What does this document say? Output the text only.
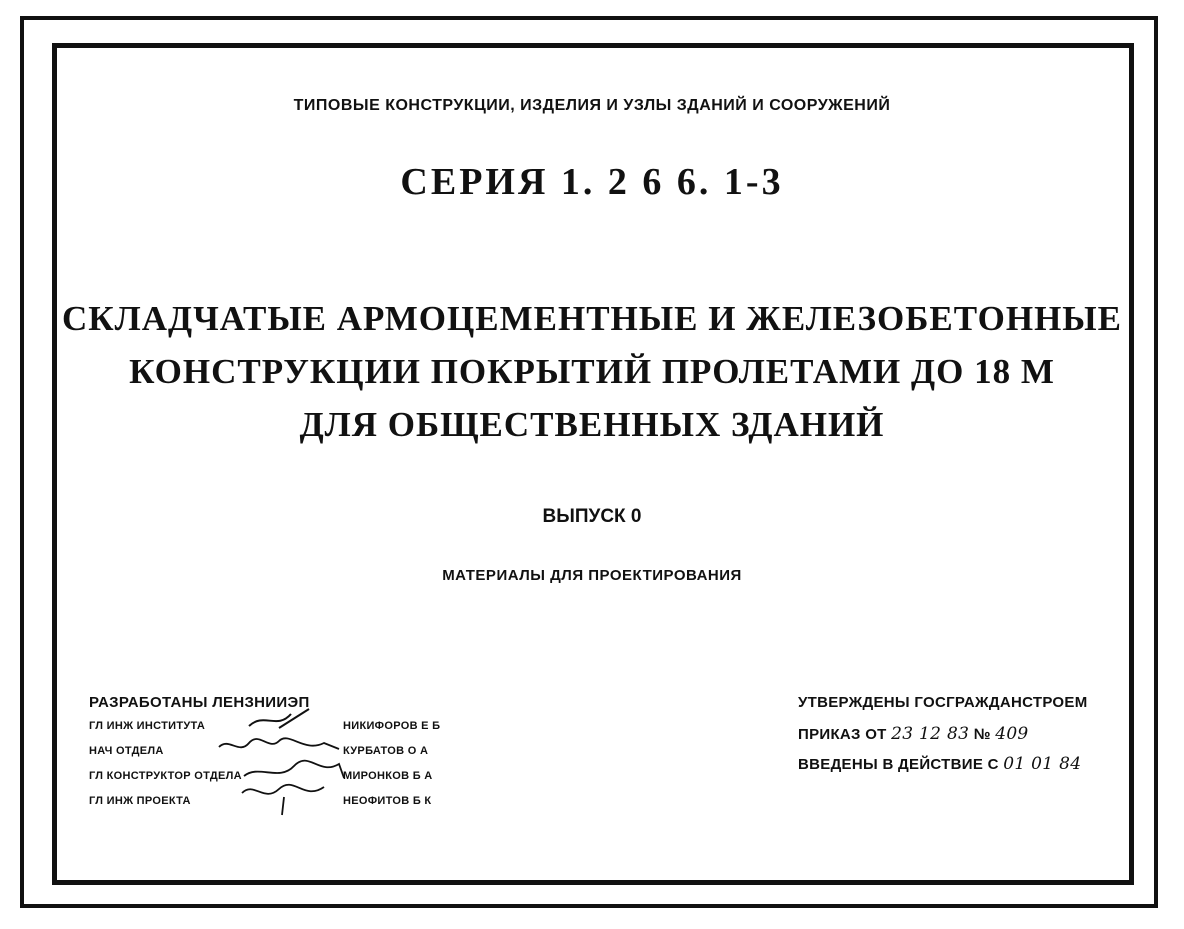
ТИПОВЫЕ КОНСТРУКЦИИ, ИЗДЕЛИЯ И УЗЛЫ ЗДАНИЙ И СООРУЖЕНИЙ
СЕРИЯ 1. 2 6 6. 1-3
СКЛАДЧАТЫЕ АРМОЦЕМЕНТНЫЕ И ЖЕЛЕЗОБЕТОННЫЕ
КОНСТРУКЦИИ ПОКРЫТИЙ ПРОЛЕТАМИ ДО 18 М
ДЛЯ ОБЩЕСТВЕННЫХ ЗДАНИЙ
ВЫПУСК 0
МАТЕРИАЛЫ ДЛЯ ПРОЕКТИРОВАНИЯ
РАЗРАБОТАНЫ ЛЕНЗНИИЭП
ГЛ ИНЖ ИНСТИТУТА	НИКИФОРОВ Е Б
НАЧ ОТДЕЛА	КУРБАТОВ О А
ГЛ КОНСТРУКТОР ОТДЕЛА	МИРОНКОВ Б А
ГЛ ИНЖ ПРОЕКТА	НЕОФИТОВ Б К
УТВЕРЖДЕНЫ ГОСГРАЖДАНСТРОЕМ
ПРИКАЗ ОТ 23 12 83 № 409
ВВЕДЕНЫ В ДЕЙСТВИЕ С 01 01 84
